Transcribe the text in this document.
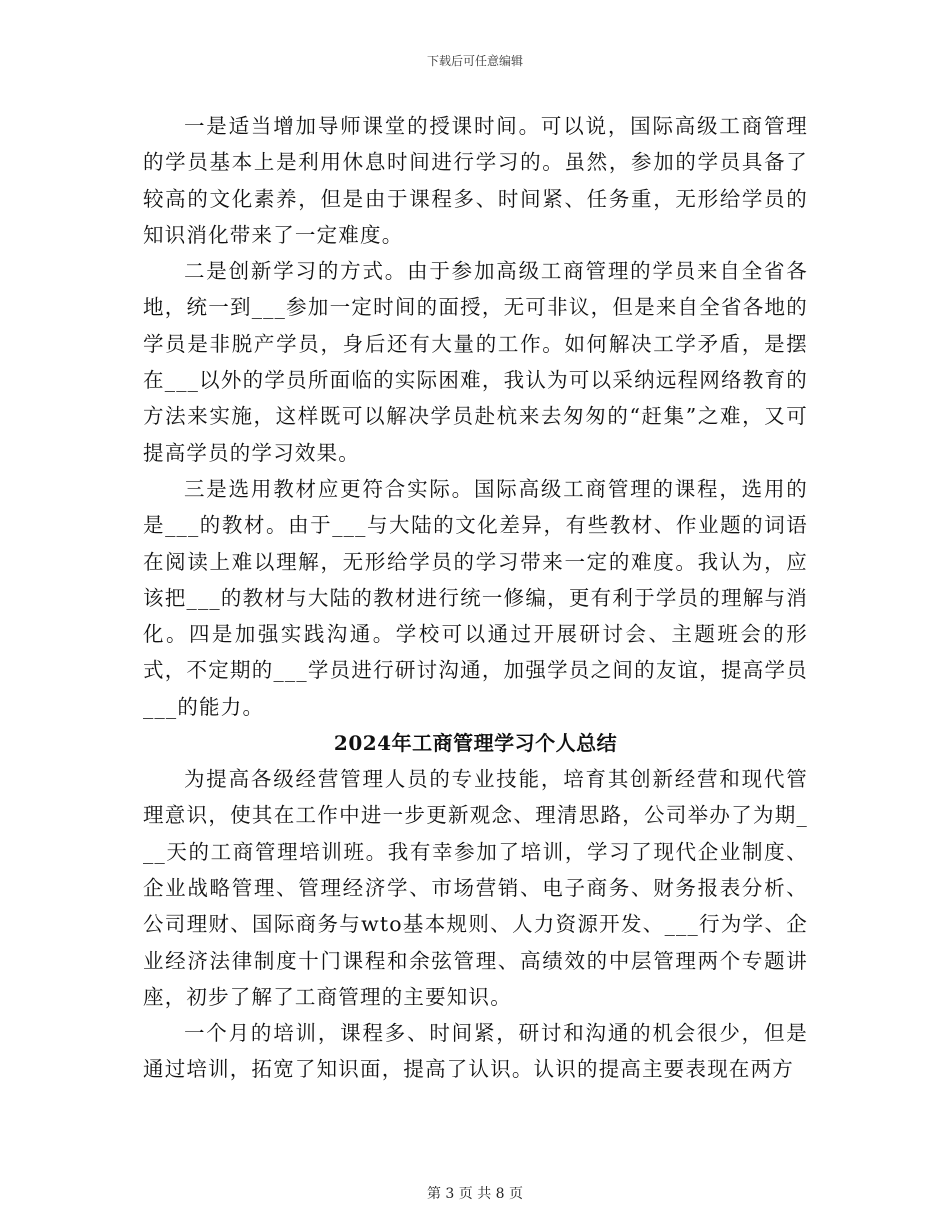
下载后可任意编辑

一是适当增加导师课堂的授课时间。可以说，国际高级工商管理的学员基本上是利用休息时间进行学习的。虽然，参加的学员具备了较高的文化素养，但是由于课程多、时间紧、任务重，无形给学员的知识消化带来了一定难度。

二是创新学习的方式。由于参加高级工商管理的学员来自全省各地，统一到___参加一定时间的面授，无可非议，但是来自全省各地的学员是非脱产学员，身后还有大量的工作。如何解决工学矛盾，是摆在___以外的学员所面临的实际困难，我认为可以采纳远程网络教育的方法来实施，这样既可以解决学员赴杭来去匆匆的“赶集”之难，又可提高学员的学习效果。

三是选用教材应更符合实际。国际高级工商管理的课程，选用的是___的教材。由于___与大陆的文化差异，有些教材、作业题的词语在阅读上难以理解，无形给学员的学习带来一定的难度。我认为，应该把___的教材与大陆的教材进行统一修编，更有利于学员的理解与消化。四是加强实践沟通。学校可以通过开展研讨会、主题班会的形式，不定期的___学员进行研讨沟通，加强学员之间的友谊，提高学员___的能力。

2024年工商管理学习个人总结

为提高各级经营管理人员的专业技能，培育其创新经营和现代管理意识，使其在工作中进一步更新观念、理清思路，公司举办了为期___天的工商管理培训班。我有幸参加了培训，学习了现代企业制度、企业战略管理、管理经济学、市场营销、电子商务、财务报表分析、公司理财、国际商务与wto基本规则、人力资源开发、___行为学、企业经济法律制度十门课程和余弦管理、高绩效的中层管理两个专题讲座，初步了解了工商管理的主要知识。

一个月的培训，课程多、时间紧，研讨和沟通的机会很少，但是通过培训，拓宽了知识面，提高了认识。认识的提高主要表现在两方

第 3 页 共 8 页
